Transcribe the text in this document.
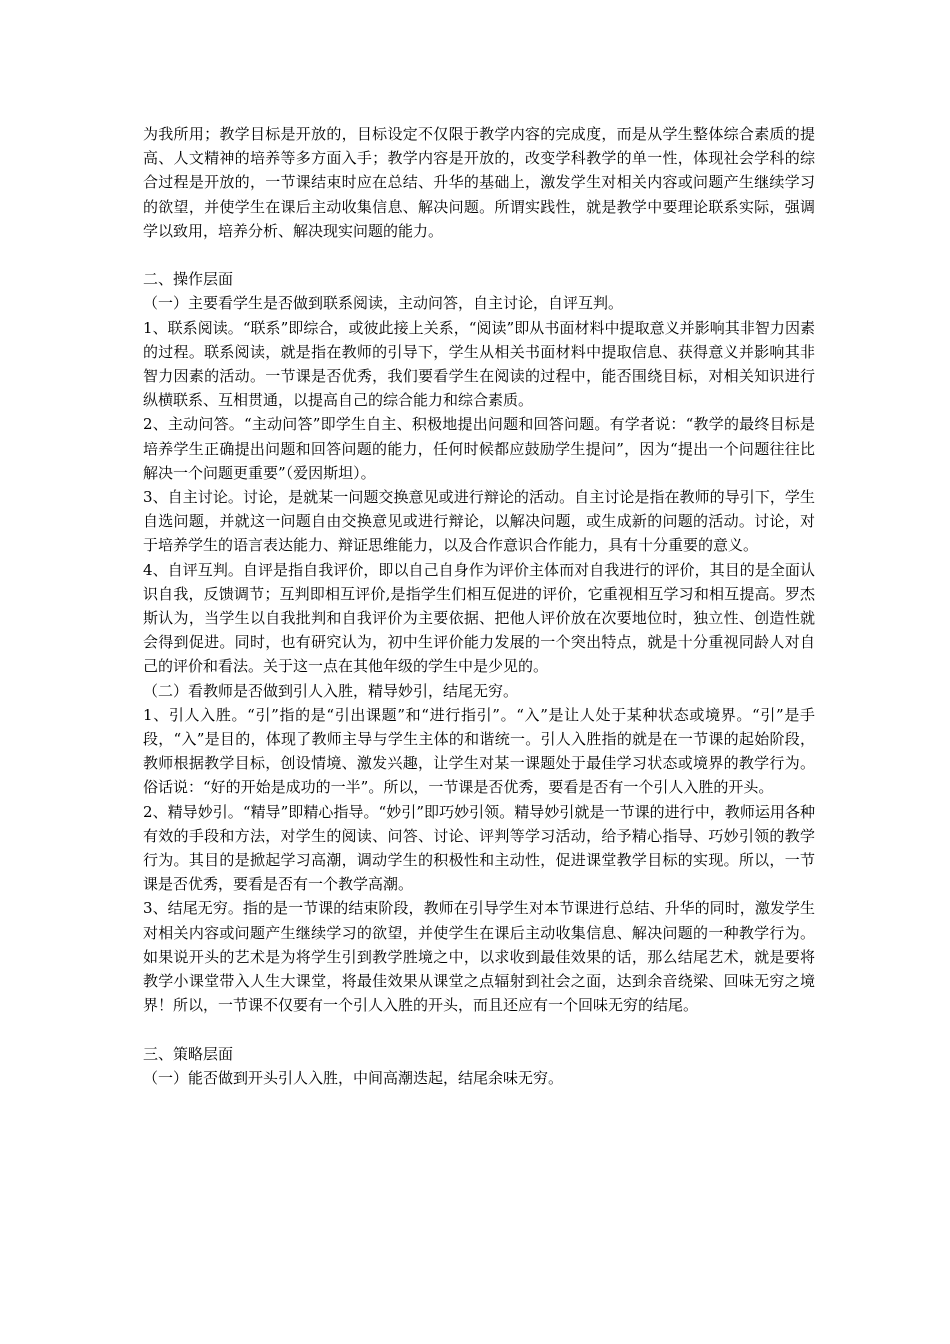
为我所用；教学目标是开放的，目标设定不仅限于教学内容的完成度，而是从学生整体综合素质的提高、人文精神的培养等多方面入手；教学内容是开放的，改变学科教学的单一性，体现社会学科的综合过程是开放的，一节课结束时应在总结、升华的基础上，激发学生对相关内容或问题产生继续学习的欲望，并使学生在课后主动收集信息、解决问题。所谓实践性，就是教学中要理论联系实际，强调学以致用，培养分析、解决现实问题的能力。

二、操作层面

（一）主要看学生是否做到联系阅读，主动问答，自主讨论，自评互判。

1、联系阅读。“联系”即综合，或彼此接上关系，“阅读”即从书面材料中提取意义并影响其非智力因素的过程。联系阅读，就是指在教师的引导下，学生从相关书面材料中提取信息、获得意义并影响其非智力因素的活动。一节课是否优秀，我们要看学生在阅读的过程中，能否围绕目标，对相关知识进行纵横联系、互相贯通，以提高自己的综合能力和综合素质。

2、主动问答。“主动问答”即学生自主、积极地提出问题和回答问题。有学者说：“教学的最终目标是培养学生正确提出问题和回答问题的能力，任何时候都应鼓励学生提问”，因为“提出一个问题往往比解决一个问题更重要”（爱因斯坦）。

3、自主讨论。讨论，是就某一问题交换意见或进行辩论的活动。自主讨论是指在教师的导引下，学生自选问题，并就这一问题自由交换意见或进行辩论，以解决问题，或生成新的问题的活动。讨论，对于培养学生的语言表达能力、辩证思维能力，以及合作意识合作能力，具有十分重要的意义。

4、自评互判。自评是指自我评价，即以自己自身作为评价主体而对自我进行的评价，其目的是全面认识自我，反馈调节；互判即相互评价,是指学生们相互促进的评价，它重视相互学习和相互提高。罗杰斯认为，当学生以自我批判和自我评价为主要依据、把他人评价放在次要地位时，独立性、创造性就会得到促进。同时，也有研究认为，初中生评价能力发展的一个突出特点，就是十分重视同龄人对自己的评价和看法。关于这一点在其他年级的学生中是少见的。

（二）看教师是否做到引人入胜，精导妙引，结尾无穷。

1、引人入胜。“引”指的是“引出课题”和“进行指引”。“入”是让人处于某种状态或境界。“引”是手段，“入”是目的，体现了教师主导与学生主体的和谐统一。引人入胜指的就是在一节课的起始阶段，教师根据教学目标，创设情境、激发兴趣，让学生对某一课题处于最佳学习状态或境界的教学行为。俗话说：“好的开始是成功的一半”。所以，一节课是否优秀，要看是否有一个引人入胜的开头。

2、精导妙引。“精导”即精心指导。“妙引”即巧妙引领。精导妙引就是一节课的进行中，教师运用各种有效的手段和方法，对学生的阅读、问答、讨论、评判等学习活动，给予精心指导、巧妙引领的教学行为。其目的是掀起学习高潮，调动学生的积极性和主动性，促进课堂教学目标的实现。所以，一节课是否优秀，要看是否有一个教学高潮。

3、结尾无穷。指的是一节课的结束阶段，教师在引导学生对本节课进行总结、升华的同时，激发学生对相关内容或问题产生继续学习的欲望，并使学生在课后主动收集信息、解决问题的一种教学行为。如果说开头的艺术是为将学生引到教学胜境之中，以求收到最佳效果的话，那么结尾艺术，就是要将教学小课堂带入人生大课堂，将最佳效果从课堂之点辐射到社会之面，达到余音绕梁、回味无穷之境界！所以，一节课不仅要有一个引人入胜的开头，而且还应有一个回味无穷的结尾。

三、策略层面

（一）能否做到开头引人入胜，中间高潮迭起，结尾余味无穷。
